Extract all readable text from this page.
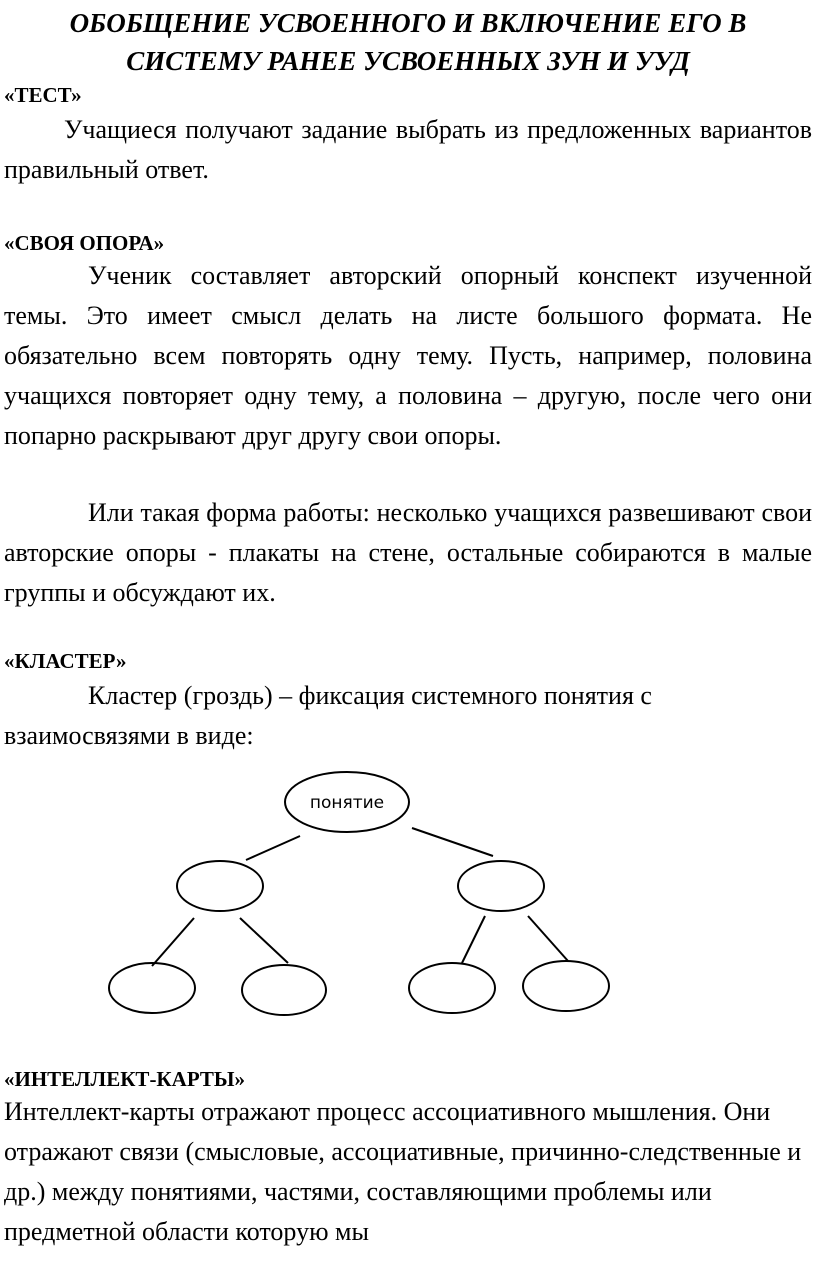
ОБОБЩЕНИЕ УСВОЕННОГО И ВКЛЮЧЕНИЕ ЕГО В
СИСТЕМУ РАНЕЕ УСВОЕННЫХ ЗУН И УУД
«ТЕСТ»
Учащиеся получают задание выбрать из предложенных вариантов правильный ответ.
«СВОЯ ОПОРА»
Ученик составляет авторский опорный конспект изученной темы. Это имеет смысл делать на листе большого формата. Не обязательно всем повторять одну тему. Пусть, например, половина учащихся повторяет одну тему, а половина – другую, после чего они попарно раскрывают друг другу свои опоры.
Или такая форма работы: несколько учащихся развешивают свои авторские опоры - плакаты на стене, остальные собираются в малые группы и обсуждают их.
«КЛАСТЕР»
Кластер (гроздь) – фиксация системного понятия с взаимосвязями в виде:
понятие
«ИНТЕЛЛЕКТ-КАРТЫ»
Интеллект-карты отражают процесс ассоциативного мышления. Они отражают связи (смысловые, ассоциативные, причинно-следственные и др.) между понятиями, частями, составляющими проблемы или предметной области которую мы
